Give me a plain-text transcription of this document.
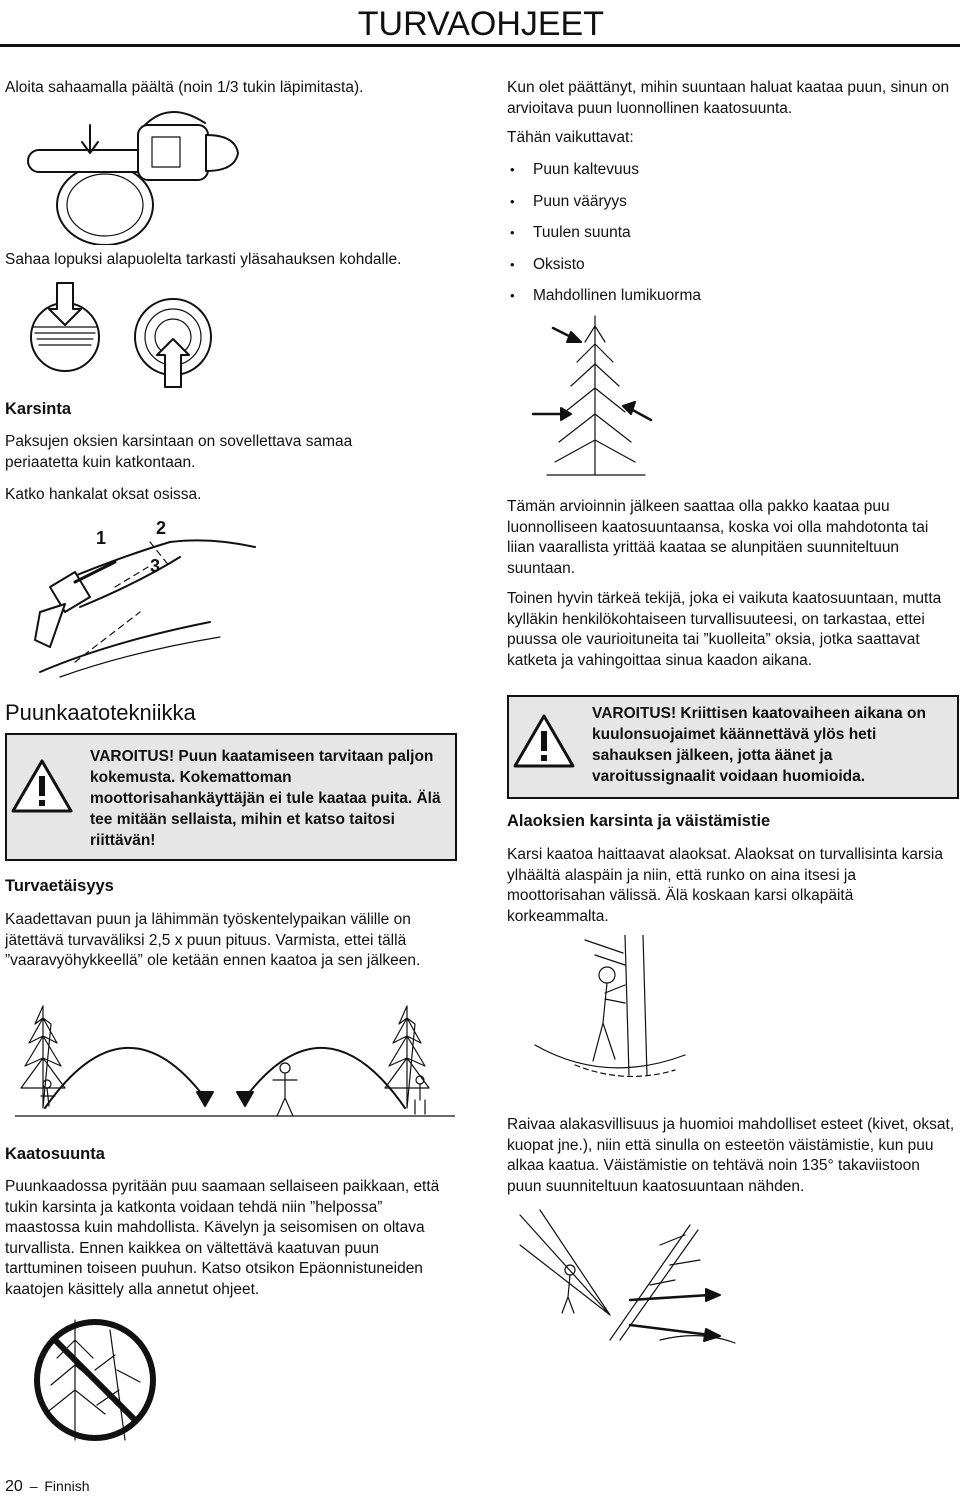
TURVAOHJEET
Aloita sahaamalla päältä (noin 1/3 tukin läpimitasta).
Sahaa lopuksi alapuolelta tarkasti yläsahauksen kohdalle.
Karsinta
Paksujen oksien karsintaan on sovellettava samaa periaatetta kuin katkontaan.
Katko hankalat oksat osissa.
1	2
3
Puunkaatotekniikka
VAROITUS! Puun kaatamiseen tarvitaan paljon kokemusta. Kokemattoman moottorisahankäyttäjän ei tule kaataa puita. Älä tee mitään sellaista, mihin et katso taitosi riittävän!
Turvaetäisyys
Kaadettavan puun ja lähimmän työskentelypaikan välille on jätettävä turvaväliksi 2,5 x puun pituus. Varmista, ettei tällä ”vaaravyöhykkeellä” ole ketään ennen kaatoa ja sen jälkeen.
Kaatosuunta
Puunkaadossa pyritään puu saamaan sellaiseen paikkaan, että tukin karsinta ja katkonta voidaan tehdä niin ”helpossa” maastossa kuin mahdollista. Kävelyn ja seisomisen on oltava turvallista. Ennen kaikkea on vältettävä kaatuvan puun tarttuminen toiseen puuhun. Katso otsikon Epäonnistuneiden kaatojen käsittely alla annetut ohjeet.
20 – Finnish
Kun olet päättänyt, mihin suuntaan haluat kaataa puun, sinun on arvioitava puun luonnollinen kaatosuunta.
Tähän vaikuttavat:
• Puun kaltevuus
• Puun vääryys
• Tuulen suunta
• Oksisto
• Mahdollinen lumikuorma
Tämän arvioinnin jälkeen saattaa olla pakko kaataa puu luonnolliseen kaatosuuntaansa, koska voi olla mahdotonta tai liian vaarallista yrittää kaataa se alunpitäen suunniteltuun suuntaan.
Toinen hyvin tärkeä tekijä, joka ei vaikuta kaatosuuntaan, mutta kylläkin henkilökohtaiseen turvallisuuteesi, on tarkastaa, ettei puussa ole vaurioituneita tai ”kuolleita” oksia, jotka saattavat katketa ja vahingoittaa sinua kaadon aikana.
VAROITUS! Kriittisen kaatovaiheen aikana on kuulonsuojaimet käännettävä ylös heti sahauksen jälkeen, jotta äänet ja varoitussignaalit voidaan huomioida.
Alaoksien karsinta ja väistämistie
Karsi kaatoa haittaavat alaoksat. Alaoksat on turvallisinta karsia ylhäältä alaspäin ja niin, että runko on aina itsesi ja moottorisahan välissä. Älä koskaan karsi olkapäitä korkeammalta.
Raivaa alakasvillisuus ja huomioi mahdolliset esteet (kivet, oksat, kuopat jne.), niin että sinulla on esteetön väistämistie, kun puu alkaa kaatua. Väistämistie on tehtävä noin 135° takaviistoon puun suunniteltuun kaatosuuntaan nähden.
